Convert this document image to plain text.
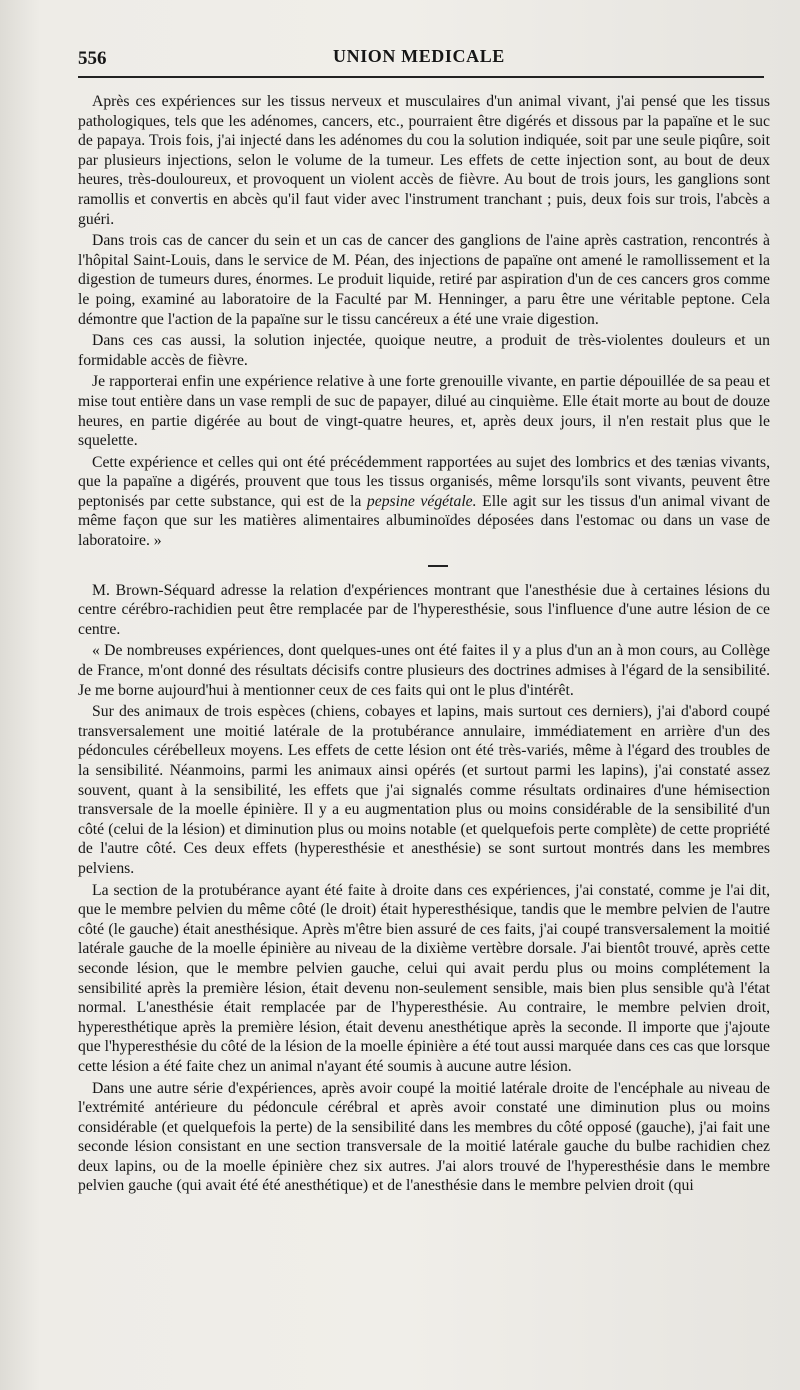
556	UNION MEDICALE

Après ces expériences sur les tissus nerveux et musculaires d'un animal vivant, j'ai pensé que les tissus pathologiques, tels que les adénomes, cancers, etc., pourraient être digérés et dissous par la papaïne et le suc de papaya. Trois fois, j'ai injecté dans les adénomes du cou la solution indiquée, soit par une seule piqûre, soit par plusieurs injections, selon le volume de la tumeur. Les effets de cette injection sont, au bout de deux heures, très-douloureux, et provoquent un violent accès de fièvre. Au bout de trois jours, les ganglions sont ramollis et convertis en abcès qu'il faut vider avec l'instrument tranchant ; puis, deux fois sur trois, l'abcès a guéri.

Dans trois cas de cancer du sein et un cas de cancer des ganglions de l'aine après castration, rencontrés à l'hôpital Saint-Louis, dans le service de M. Péan, des injections de papaïne ont amené le ramollissement et la digestion de tumeurs dures, énormes. Le produit liquide, retiré par aspiration d'un de ces cancers gros comme le poing, examiné au laboratoire de la Faculté par M. Henninger, a paru être une véritable peptone. Cela démontre que l'action de la papaïne sur le tissu cancéreux a été une vraie digestion.

Dans ces cas aussi, la solution injectée, quoique neutre, a produit de très-violentes douleurs et un formidable accès de fièvre.

Je rapporterai enfin une expérience relative à une forte grenouille vivante, en partie dépouillée de sa peau et mise tout entière dans un vase rempli de suc de papayer, dilué au cinquième. Elle était morte au bout de douze heures, en partie digérée au bout de vingt-quatre heures, et, après deux jours, il n'en restait plus que le squelette.

Cette expérience et celles qui ont été précédemment rapportées au sujet des lombrics et des tænias vivants, que la papaïne a digérés, prouvent que tous les tissus organisés, même lorsqu'ils sont vivants, peuvent être peptonisés par cette substance, qui est de la pepsine végétale. Elle agit sur les tissus d'un animal vivant de même façon que sur les matières alimentaires albuminoïdes déposées dans l'estomac ou dans un vase de laboratoire. »

M. Brown-Séquard adresse la relation d'expériences montrant que l'anesthésie due à certaines lésions du centre cérébro-rachidien peut être remplacée par de l'hyperesthésie, sous l'influence d'une autre lésion de ce centre.

« De nombreuses expériences, dont quelques-unes ont été faites il y a plus d'un an à mon cours, au Collège de France, m'ont donné des résultats décisifs contre plusieurs des doctrines admises à l'égard de la sensibilité. Je me borne aujourd'hui à mentionner ceux de ces faits qui ont le plus d'intérêt.

Sur des animaux de trois espèces (chiens, cobayes et lapins, mais surtout ces derniers), j'ai d'abord coupé transversalement une moitié latérale de la protubérance annulaire, immédiatement en arrière d'un des pédoncules cérébelleux moyens. Les effets de cette lésion ont été très-variés, même à l'égard des troubles de la sensibilité. Néanmoins, parmi les animaux ainsi opérés (et surtout parmi les lapins), j'ai constaté assez souvent, quant à la sensibilité, les effets que j'ai signalés comme résultats ordinaires d'une hémisection transversale de la moelle épinière. Il y a eu augmentation plus ou moins considérable de la sensibilité d'un côté (celui de la lésion) et diminution plus ou moins notable (et quelquefois perte complète) de cette propriété de l'autre côté. Ces deux effets (hyperesthésie et anesthésie) se sont surtout montrés dans les membres pelviens.

La section de la protubérance ayant été faite à droite dans ces expériences, j'ai constaté, comme je l'ai dit, que le membre pelvien du même côté (le droit) était hyperesthésique, tandis que le membre pelvien de l'autre côté (le gauche) était anesthésique. Après m'être bien assuré de ces faits, j'ai coupé transversalement la moitié latérale gauche de la moelle épinière au niveau de la dixième vertèbre dorsale. J'ai bientôt trouvé, après cette seconde lésion, que le membre pelvien gauche, celui qui avait perdu plus ou moins complétement la sensibilité après la première lésion, était devenu non-seulement sensible, mais bien plus sensible qu'à l'état normal. L'anesthésie était remplacée par de l'hyperesthésie. Au contraire, le membre pelvien droit, hyperesthétique après la première lésion, était devenu anesthétique après la seconde. Il importe que j'ajoute que l'hyperesthésie du côté de la lésion de la moelle épinière a été tout aussi marquée dans ces cas que lorsque cette lésion a été faite chez un animal n'ayant été soumis à aucune autre lésion.

Dans une autre série d'expériences, après avoir coupé la moitié latérale droite de l'encéphale au niveau de l'extrémité antérieure du pédoncule cérébral et après avoir constaté une diminution plus ou moins considérable (et quelquefois la perte) de la sensibilité dans les membres du côté opposé (gauche), j'ai fait une seconde lésion consistant en une section transversale de la moitié latérale gauche du bulbe rachidien chez deux lapins, ou de la moelle épinière chez six autres. J'ai alors trouvé de l'hyperesthésie dans le membre pelvien gauche (qui avait été été anesthétique) et de l'anesthésie dans le membre pelvien droit (qui
